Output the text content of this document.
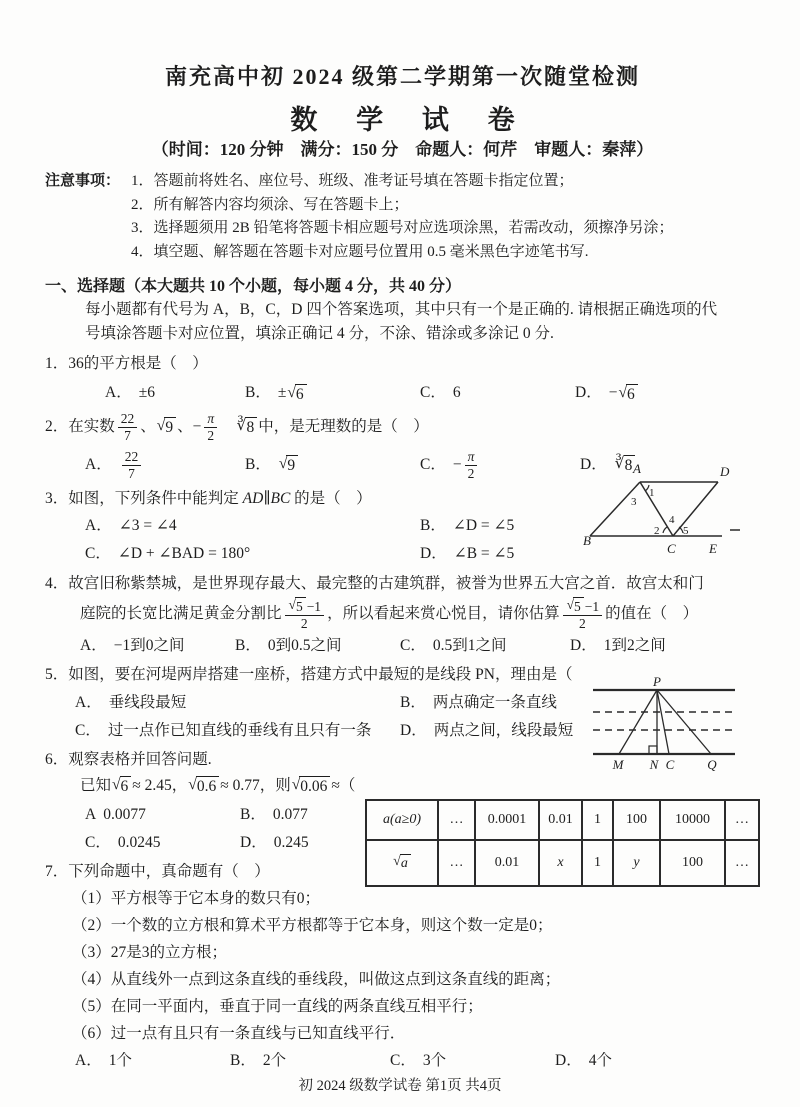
南充高中初 2024 级第二学期第一次随堂检测
数 学 试 卷
（时间：120 分钟　满分：150 分　命题人：何芹　审题人：秦萍）
注意事项： 1．答题前将姓名、座位号、班级、准考证号填在答题卡指定位置；
2．所有解答内容均须涂、写在答题卡上；
3．选择题须用 2B 铅笔将答题卡相应题号对应选项涂黑，若需改动，须擦净另涂；
4．填空题、解答题在答题卡对应题号位置用 0.5 毫米黑色字迹笔书写.
一、选择题（本大题共 10 个小题，每小题 4 分，共 40 分）
每小题都有代号为 A，B，C，D 四个答案选项，其中只有一个是正确的. 请根据正确选项的代
号填涂答题卡对应位置，填涂正确记 4 分，不涂、错涂或多涂记 0 分.
1．36的平方根是（　）
A． ±6	B． ± √ 6	C． 6	D． − √ 6
2． 在实数 $\frac{22}{7}$ 、 √ 9 、− $\frac{\pi}{2}$
　 ∛ 8 中，是无理数的是（　）
A． $\frac{22}{7}$	B． √ 9	C． − $\frac{\pi}{2}$	D． ∛ 8
3．如图，下列条件中能判定 AD∥BC 的是（　）
A． ∠3 = ∠4	B． ∠D = ∠5
C． ∠D + ∠BAD = 180°	D． ∠B = ∠5
4．故宫旧称紫禁城，是世界现存最大、最完整的古建筑群，被誉为世界五大宫之首．故宫太和门
庭院的长宽比满足黄金分割比 $\frac{√ 5 -1}{2}$ ，所以看起来赏心悦目，请你估算 $\frac{√ 5 -1}{2}$ 的值在（　）
A． −1到0之间	B． 0到0.5之间	C． 0.5到1之间	D． 1到2之间
5．如图，要在河堤两岸搭建一座桥，搭建方式中最短的是线段 PN，理由是（
A． 垂线段最短	B． 两点确定一条直线
C． 过一点作已知直线的垂线有且只有一条	D． 两点之间，线段最短
6．观察表格并回答问题.
已知 √ 6 ≈ 2.45， √ 0.6 ≈ 0.77，则 √ 0.06 ≈（
A 0.0077	B． 0.077
C． 0.0245	D． 0.245
7．下列命题中，真命题有（　）
（1）平方根等于它本身的数只有0；
（2）一个数的立方根和算术平方根都等于它本身，则这个数一定是0；
（3）27是3的立方根；
（4）从直线外一点到这条直线的垂线段，叫做这点到这条直线的距离；
（5）在同一平面内，垂直于同一直线的两条直线互相平行；
（6）过一点有且只有一条直线与已知直线平行．
A． 1个	B． 2个	C． 3个	D． 4个
A	D
B
C	E
1
3
2
4
5
P
M N C	Q
a(a≥0)	…	0.0001	0.01	1	100	10000	…

√ a	…	0.01	x	1	y	100	…
初 2024 级数学试卷 第1页 共4页
